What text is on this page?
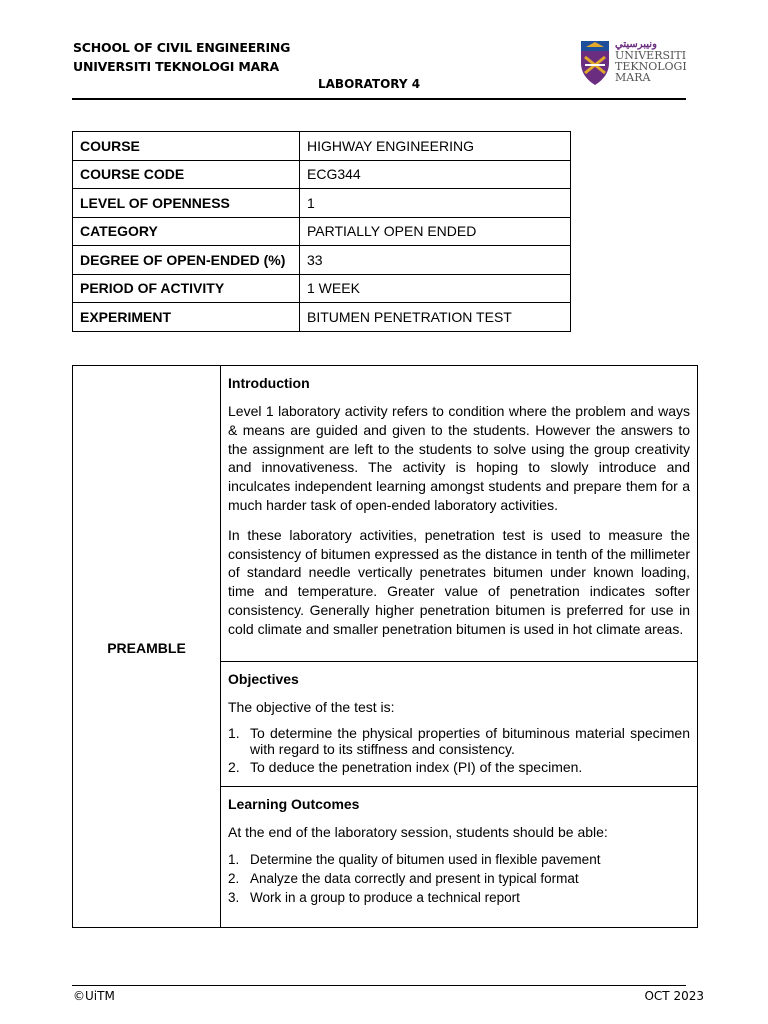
SCHOOL OF CIVIL ENGINEERING
UNIVERSITI TEKNOLOGI MARA
LABORATORY 4
ﻭﻧﻴﺒﺮﺳﻴﺘﻲ
UNIVERSITI
TEKNOLOGI
MARA
COURSE	HIGHWAY ENGINEERING
COURSE CODE	ECG344
LEVEL OF OPENNESS	1
CATEGORY	PARTIALLY OPEN ENDED
DEGREE OF OPEN-ENDED (%)	33
PERIOD OF ACTIVITY	1 WEEK
EXPERIMENT	BITUMEN PENETRATION TEST
PREAMBLE
Introduction
Level 1 laboratory activity refers to condition where the problem and ways & means are guided and given to the students. However the answers to the assignment are left to the students to solve using the group creativity and innovativeness. The activity is hoping to slowly introduce and inculcates independent learning amongst students and prepare them for a much harder task of open-ended laboratory activities.
In these laboratory activities, penetration test is used to measure the consistency of bitumen expressed as the distance in tenth of the millimeter of standard needle vertically penetrates bitumen under known loading, time and temperature. Greater value of penetration indicates softer consistency. Generally higher penetration bitumen is preferred for use in cold climate and smaller penetration bitumen is used in hot climate areas.
Objectives
The objective of the test is:
1. To determine the physical properties of bituminous material specimen with regard to its stiffness and consistency.
2. To deduce the penetration index (PI) of the specimen.
Learning Outcomes
At the end of the laboratory session, students should be able:
1. Determine the quality of bitumen used in flexible pavement
2. Analyze the data correctly and present in typical format
3. Work in a group to produce a technical report
©UiTM	OCT 2023
